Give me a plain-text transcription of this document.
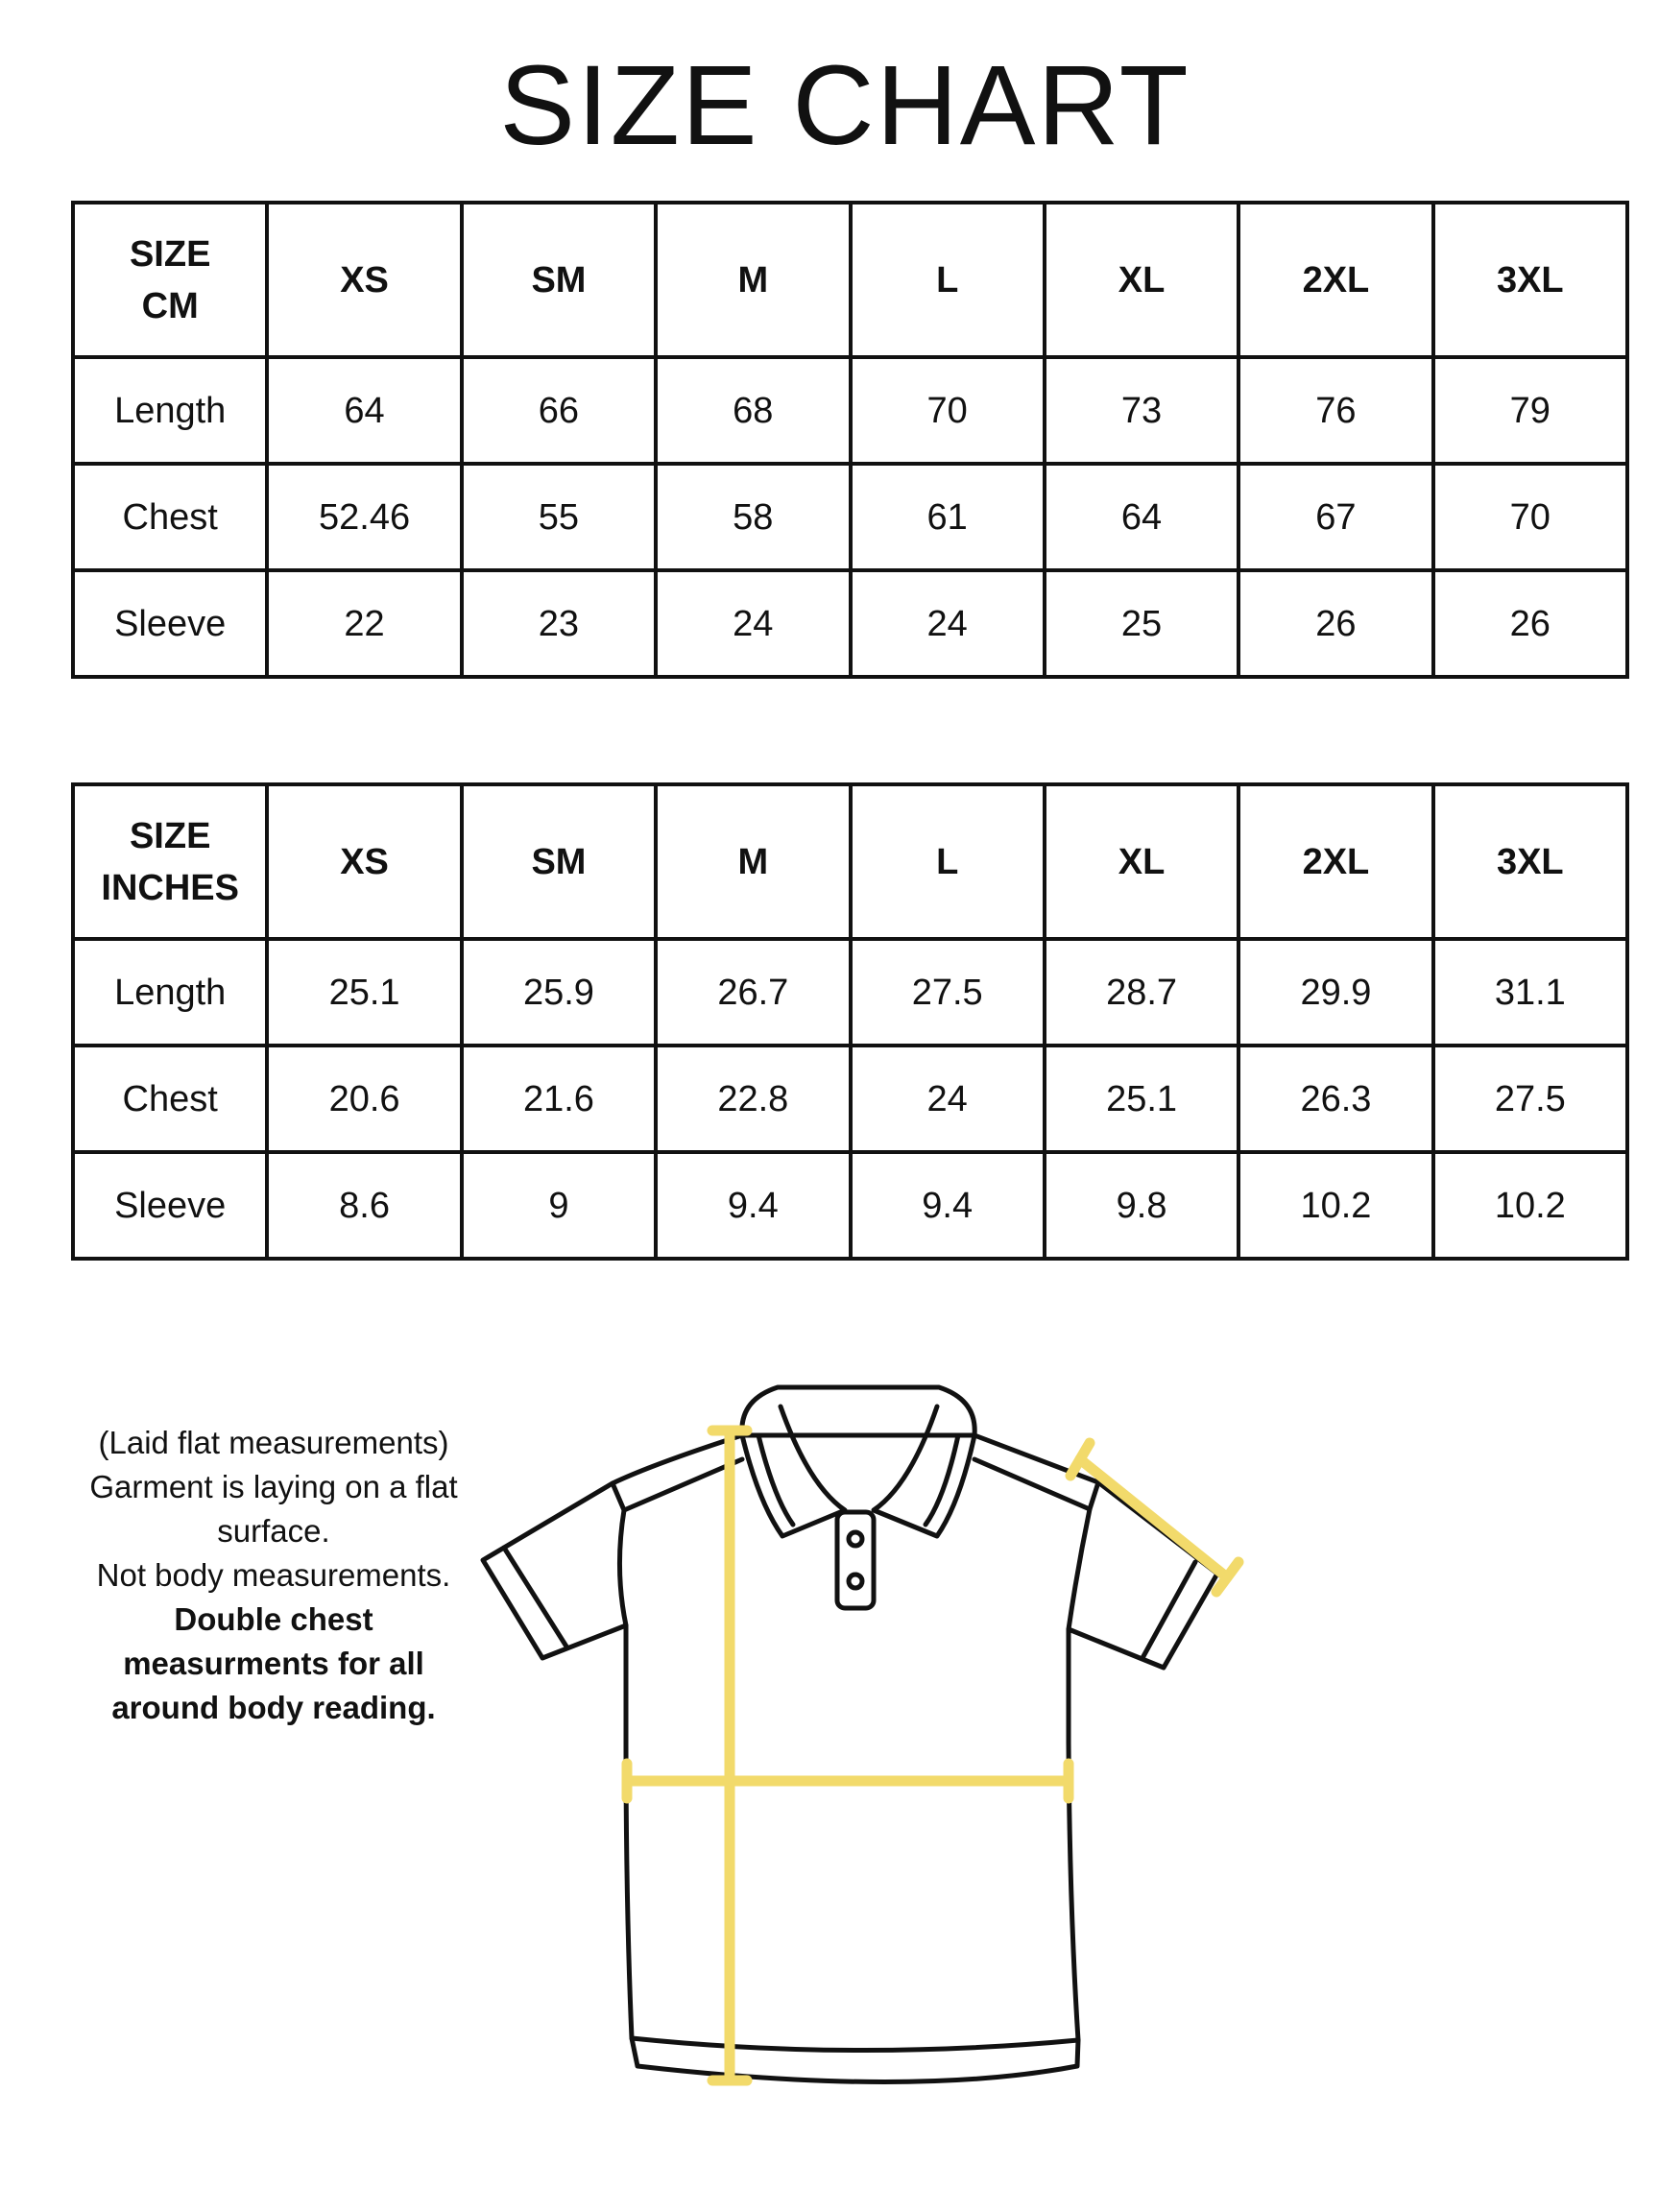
SIZE CHART
SIZE
CM	XS	SM	M	L	XL	2XL	3XL
Length	64	66	68	70	73	76	79
Chest	52.46	55	58	61	64	67	70
Sleeve	22	23	24	24	25	26	26
SIZE
INCHES	XS	SM	M	L	XL	2XL	3XL
Length	25.1	25.9	26.7	27.5	28.7	29.9	31.1
Chest	20.6	21.6	22.8	24	25.1	26.3	27.5
Sleeve	8.6	9	9.4	9.4	9.8	10.2	10.2
(Laid flat measurements)
Garment is laying on a flat
surface.
Not body measurements.
Double chest
measurments for all
around body reading.
